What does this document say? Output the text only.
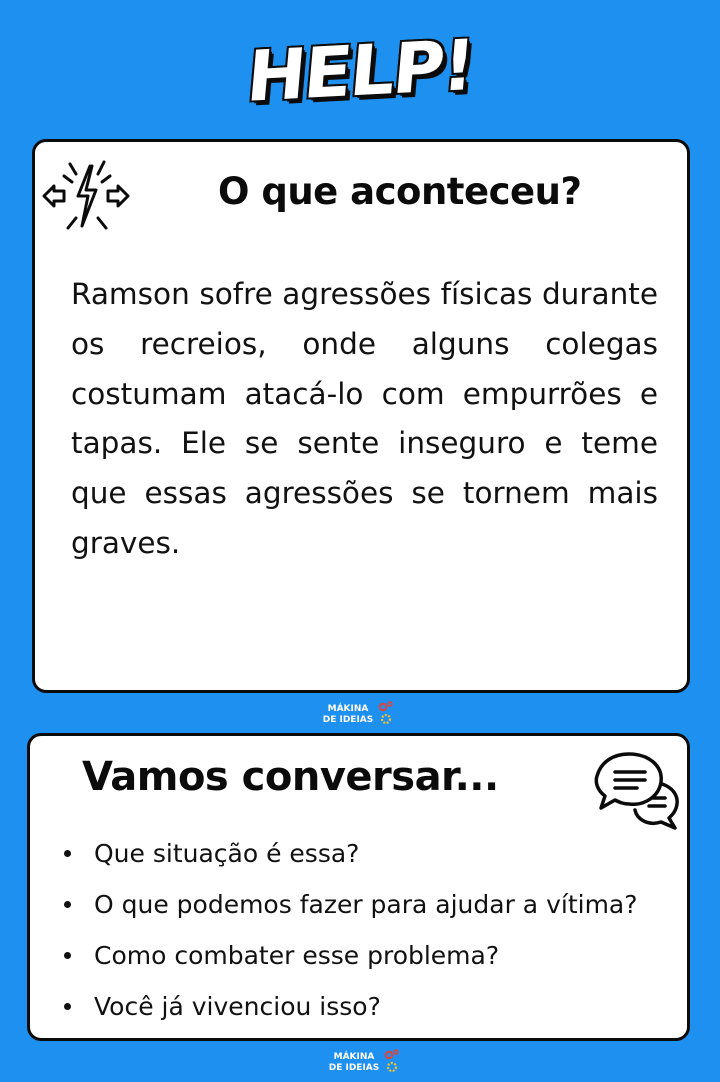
HELP!
O que aconteceu?

Ramson sofre agressões físicas durante os recreios, onde alguns colegas costumam atacá-lo com empurrões e tapas. Ele se sente inseguro e teme que essas agressões se tornem mais graves.

MÁKINA
DE IDEIAS
Vamos conversar...
Que situação é essa?
O que podemos fazer para ajudar a vítima?
Como combater esse problema?
Você já vivenciou isso?
MÁKINA
DE IDEIAS
